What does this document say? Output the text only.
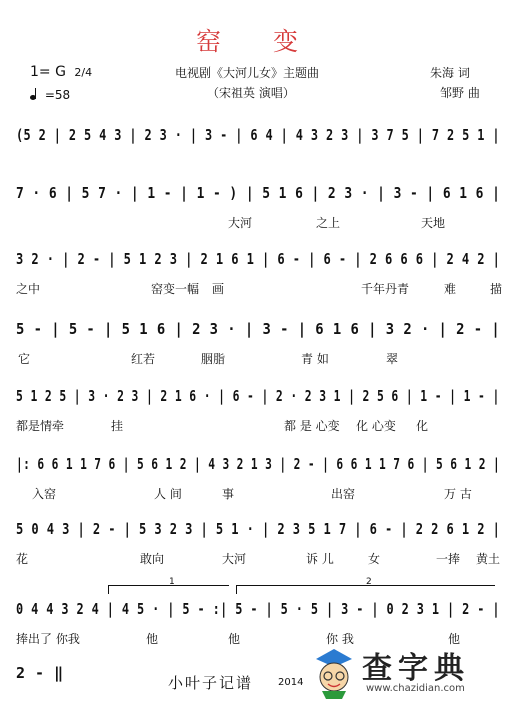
窑 变
1= G 2/4
=58
电视剧《大河儿女》主题曲
（宋祖英 演唱）
朱海 词
邹野 曲
(5 2 | 2 5 4 3 | 2 3 · | 3 - | 6 4 | 4 3 2 3 | 3 7 5 | 7 2 5 1 |
7 · 6 | 5 7 · | 1 - | 1 - ) | 5 1 6 | 2 3 · | 3 - | 6 1 6 |
大河	之上	天地
3 2 · | 2 - | 5 1 2 3 | 2 1 6 1 | 6 - | 6 - | 2 6 6 6 | 2 4 2 |
之中	窑变一幅 画	千年丹青	难	描
5 - | 5 - | 5 1 6 | 2 3 · | 3 - | 6 1 6 | 3 2 · | 2 - |
它	红若	胭脂	青 如	翠
5 1 2 5 | 3 · 2 3 | 2 1 6 · | 6 - | 2 · 2 3 1 | 2 5 6 | 1 - | 1 - |
都是情牵	挂	都 是 心变 化 心变 化
|: 6 6 1 1 7 6 | 5 6 1 2 | 4 3 2 1 3 | 2 - | 6 6 1 1 7 6 | 5 6 1 2 |
入窑	人 间	事	出窑	万 古
5 0 4 3 | 2 - | 5 3 2 3 | 5 1 · | 2 3 5 1 7 | 6 - | 2 2 6 1 2 |
花	敢向	大河	诉 儿	女	一捧 黄土
0 4 4 3 2 4 | 4 5 · | 5 - :| 5 - | 5 · 5 | 3 - | 0 2 3 1 | 2 - |
捧出了 你我	他	他	你 我	他
2 - ‖
1	2
小叶子记谱 2014 查字典
www.chazidian.com
